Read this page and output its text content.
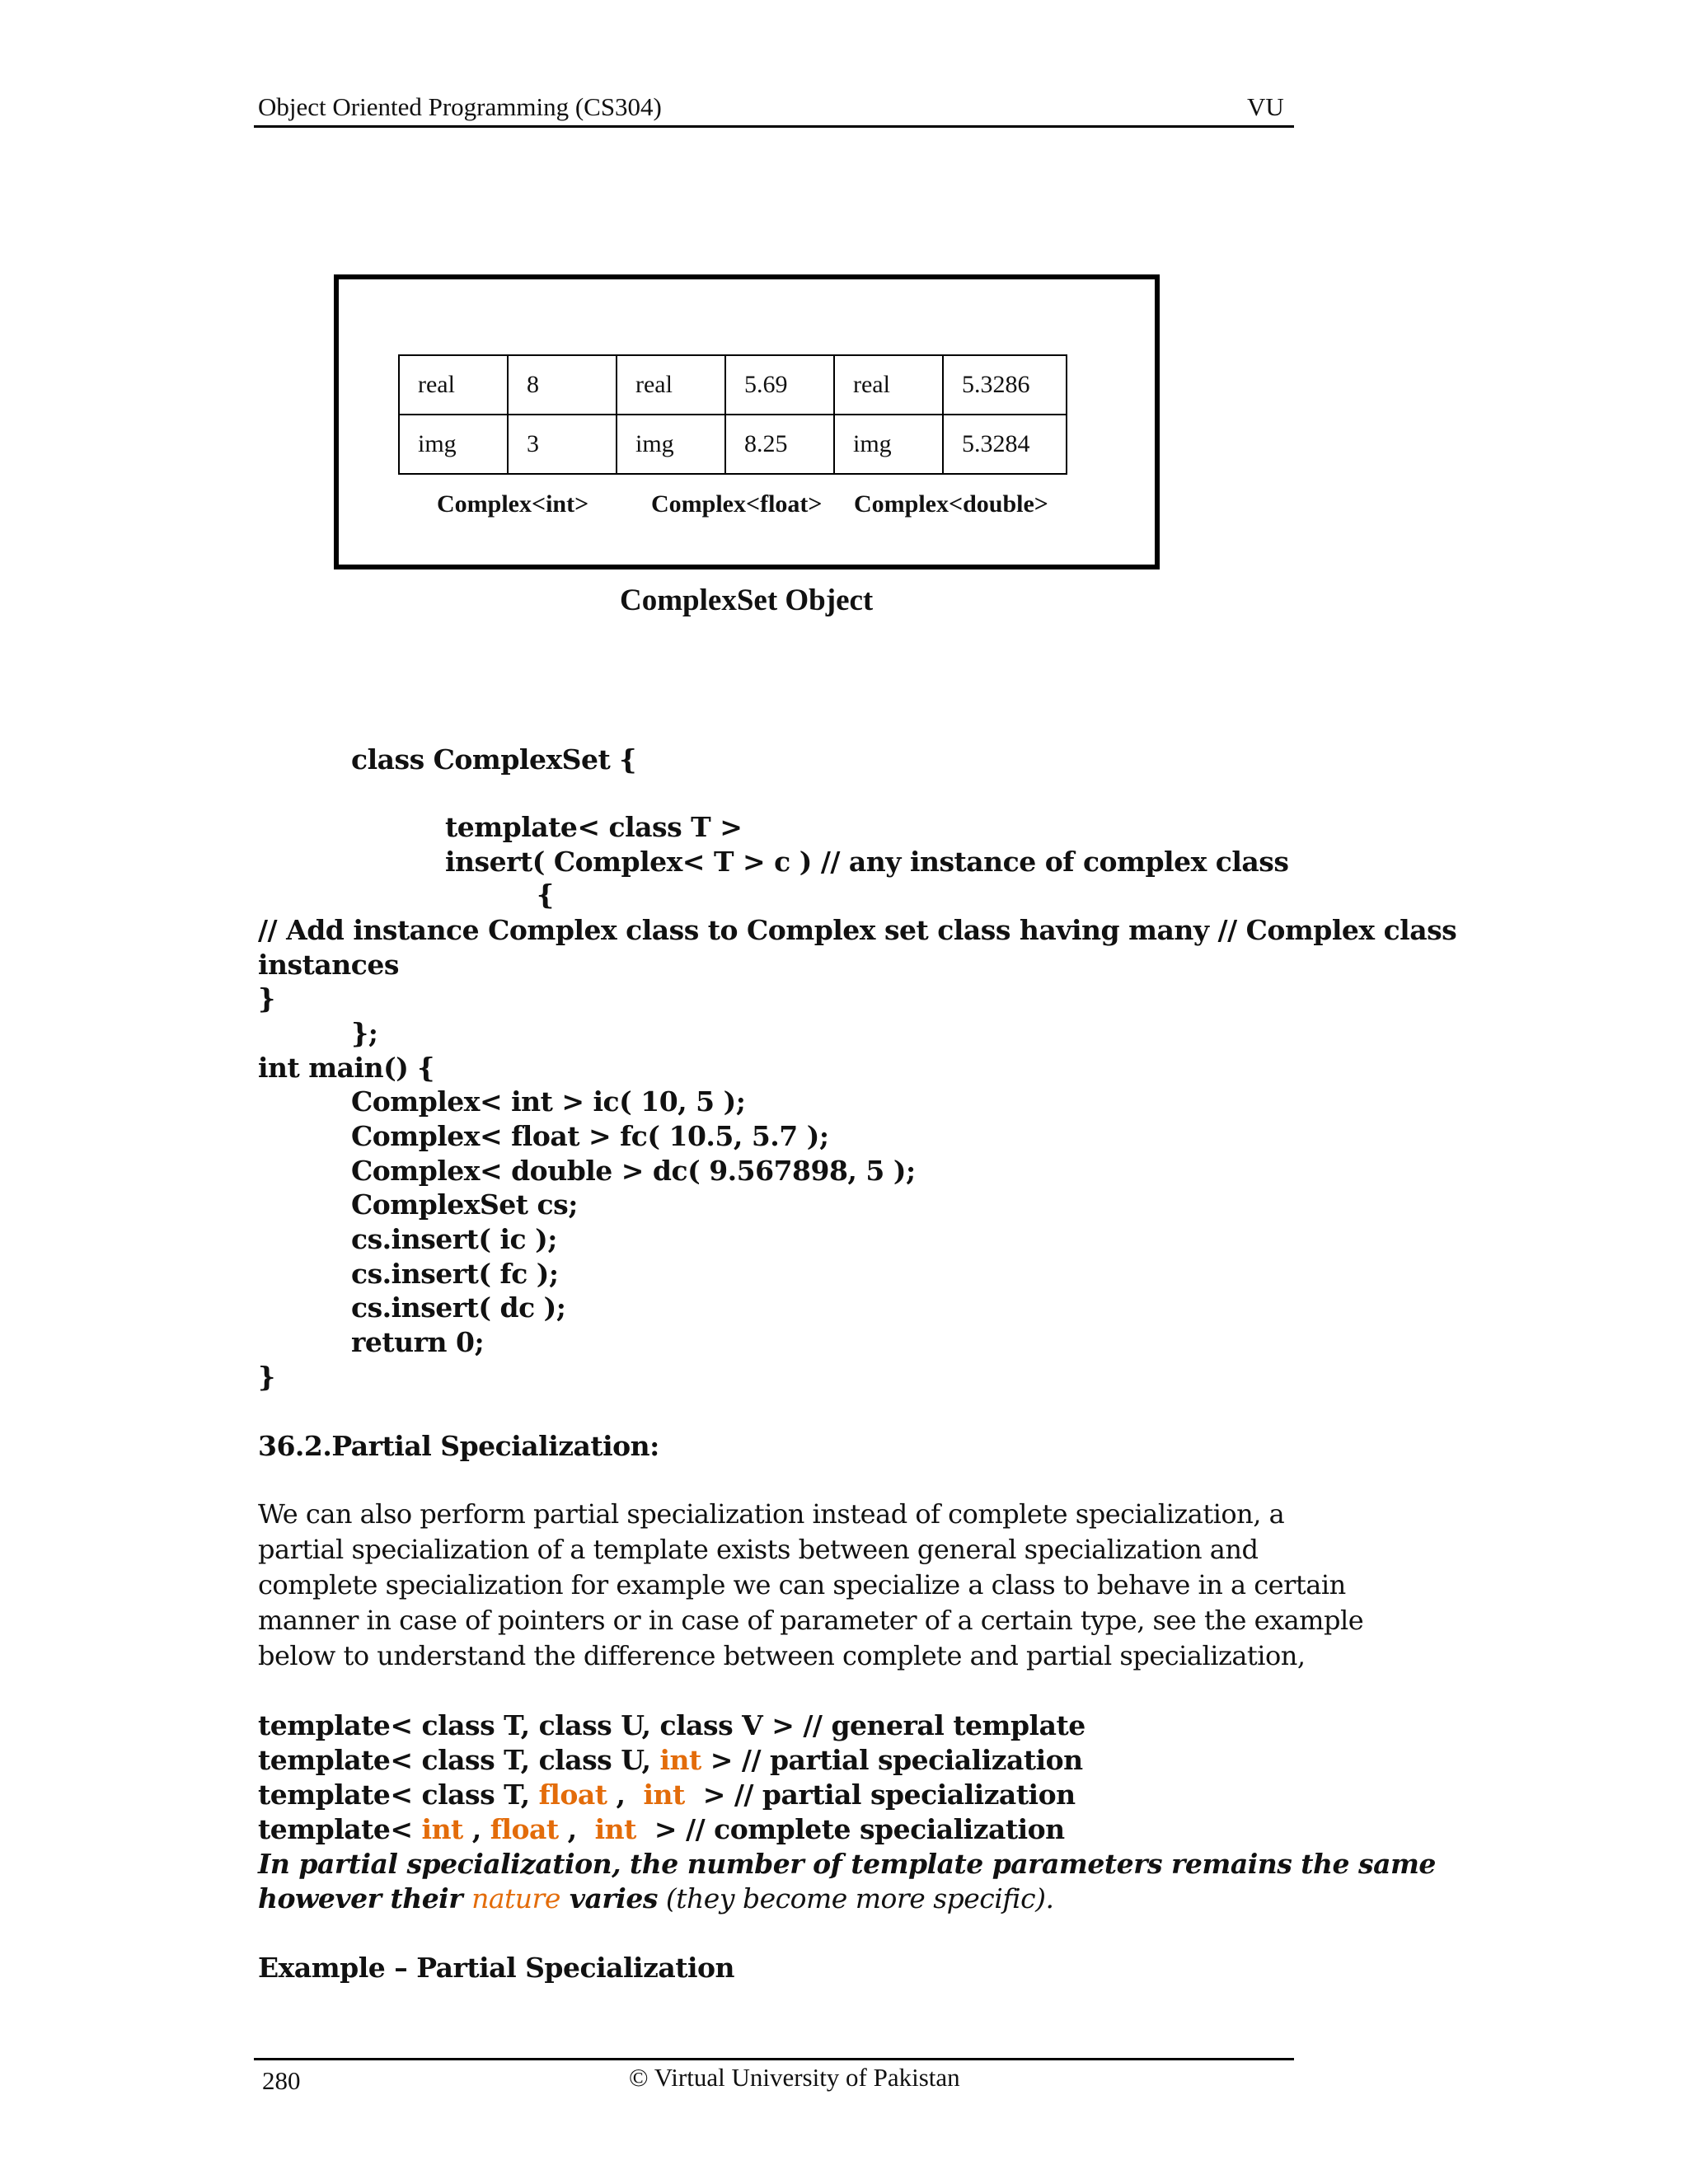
Object Oriented Programming (CS304)	VU
real	8	real	5.69	real	5.3286
img	3	img	8.25	img	5.3284
Complex<int>	Complex<float> Complex<double>
ComplexSet Object
class ComplexSet {
template< class T >
insert( Complex< T > c ) // any instance of complex class
{
// Add instance Complex class to Complex set class having many // Complex class
instances
}
};
int main() {
Complex< int > ic( 10, 5 );
Complex< float > fc( 10.5, 5.7 );
Complex< double > dc( 9.567898, 5 );
ComplexSet cs;
cs.insert( ic );
cs.insert( fc );
cs.insert( dc );
return 0;
}
36.2.Partial Specialization:
We can also perform partial specialization instead of complete specialization, a
partial specialization of a template exists between general specialization and
complete specialization for example we can specialize a class to behave in a certain
manner in case of pointers or in case of parameter of a certain type, see the example
below to understand the difference between complete and partial specialization,
template< class T, class U, class V > // general template
template< class T, class U, int > // partial specialization
template< class T, float ,  int  > // partial specialization
template< int , float ,  int  > // complete specialization
In partial specialization, the number of template parameters remains the same
however their nature varies (they become more specific).
Example – Partial Specialization
280	© Virtual University of Pakistan
